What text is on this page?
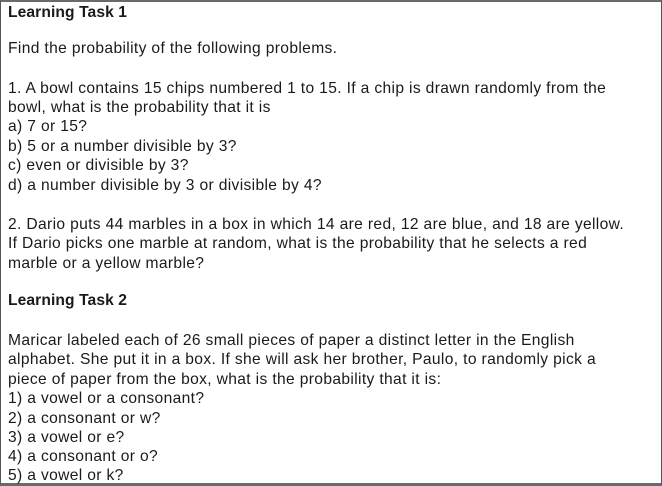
Learning Task 1
Find the probability of the following problems.
1. A bowl contains 15 chips numbered 1 to 15. If a chip is drawn randomly from the
bowl, what is the probability that it is
a) 7 or 15?
b) 5 or a number divisible by 3?
c) even or divisible by 3?
d) a number divisible by 3 or divisible by 4?
2. Dario puts 44 marbles in a box in which 14 are red, 12 are blue, and 18 are yellow.
If Dario picks one marble at random, what is the probability that he selects a red
marble or a yellow marble?
Learning Task 2
Maricar labeled each of 26 small pieces of paper a distinct letter in the English
alphabet. She put it in a box. If she will ask her brother, Paulo, to randomly pick a
piece of paper from the box, what is the probability that it is:
1) a vowel or a consonant?
2) a consonant or w?
3) a vowel or e?
4) a consonant or o?
5) a vowel or k?
